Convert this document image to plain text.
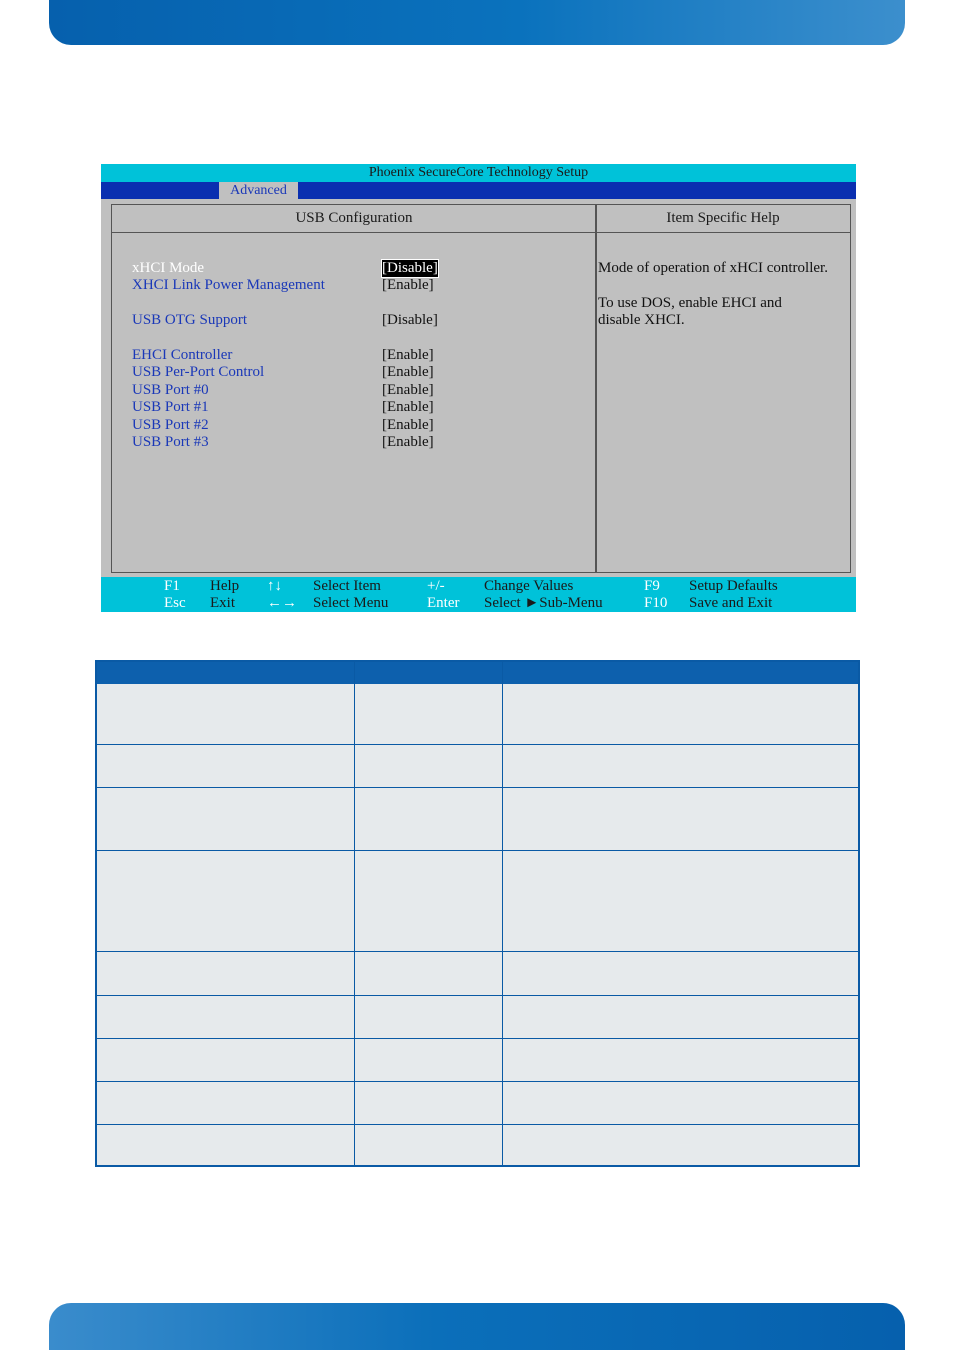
Phoenix SecureCore Technology Setup
Advanced
USB Configuration
xHCI Mode	[Disable]
XHCI Link Power Management	[Enable]
USB OTG Support	[Disable]
EHCI Controller	[Enable]
USB Per-Port Control	[Enable]
USB Port #0	[Enable]
USB Port #1	[Enable]
USB Port #2	[Enable]
USB Port #3	[Enable]
Item Specific Help
Mode of operation of xHCI controller.
To use DOS, enable EHCI and
disable XHCI.
F1 Help ↑↓ Select Item	+/-	Change Values	F9 Setup Defaults
Esc Exit ←→ Select Menu	Enter Select ►Sub-Menu	F10 Save and Exit
